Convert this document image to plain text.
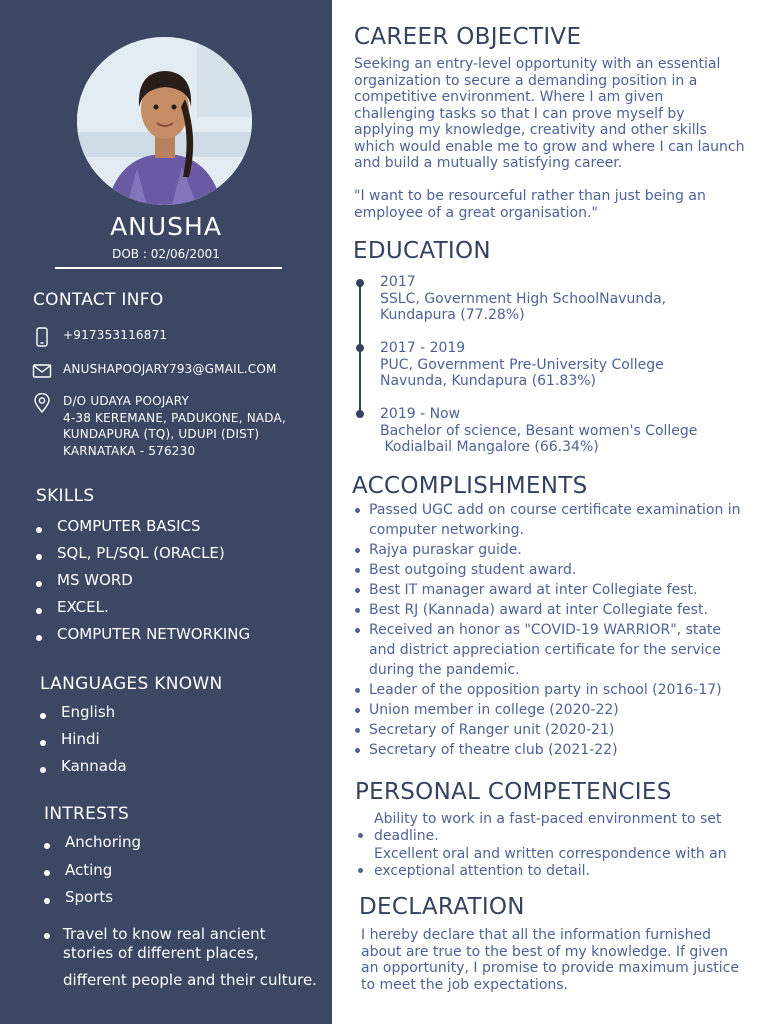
ANUSHA
DOB : 02/06/2001
CONTACT INFO
+917353116871
ANUSHAPOOJARY793@GMAIL.COM
D/O UDAYA POOJARY
4-38 KEREMANE, PADUKONE, NADA,
KUNDAPURA (TQ), UDUPI (DIST)
KARNATAKA - 576230
SKILLS
COMPUTER BASICS
SQL, PL/SQL (ORACLE)
MS WORD
EXCEL.
COMPUTER NETWORKING
LANGUAGES KNOWN
English
Hindi
Kannada
INTRESTS
Anchoring
Acting
Sports
Travel to know real ancient
stories of different places,
different people and their culture.
CAREER OBJECTIVE

Seeking an entry-level opportunity with an essential organization to secure a demanding position in a competitive environment. Where I am given challenging tasks so that I can prove myself by applying my knowledge, creativity and other skills which would enable me to grow and where I can launch and build a mutually satisfying career.

"I want to be resourceful rather than just being an employee of a great organisation."

EDUCATION
2017
SSLC, Government High SchoolNavunda,
Kundapura (77.28%)
2017 - 2019
PUC, Government Pre-University College
Navunda, Kundapura (61.83%)
2019 - Now
Bachelor of science, Besant women's College
Kodialbail Mangalore (66.34%)
ACCOMPLISHMENTS
Passed UGC add on course certificate examination in computer networking.
Rajya puraskar guide.
Best outgoing student award.
Best IT manager award at inter Collegiate fest.
Best RJ (Kannada) award at inter Collegiate fest.
Received an honor as "COVID-19 WARRIOR", state and district appreciation certificate for the service during the pandemic.
Leader of the opposition party in school (2016-17)
Union member in college (2020-22)
Secretary of Ranger unit (2020-21)
Secretary of theatre club (2021-22)
PERSONAL COMPETENCIES
Ability to work in a fast-paced environment to set deadline.
Excellent oral and written correspondence with an exceptional attention to detail.
DECLARATION

I hereby declare that all the information furnished about are true to the best of my knowledge. If given an opportunity, I promise to provide maximum justice to meet the job expectations.
